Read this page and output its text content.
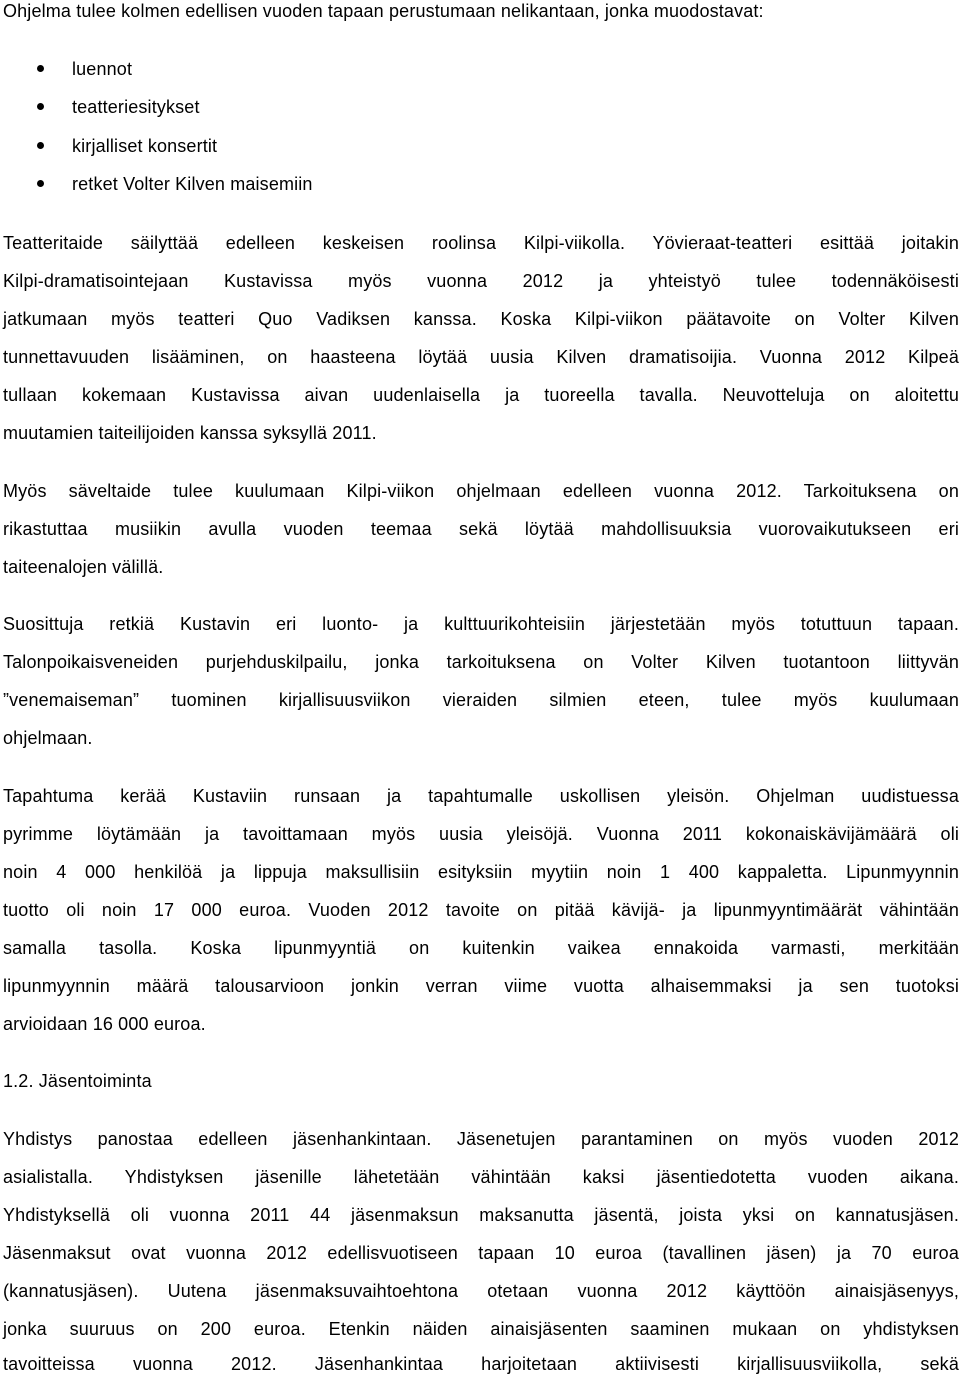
Ohjelma tulee kolmen edellisen vuoden tapaan perustumaan nelikantaan, jonka muodostavat:
luennot
teatteriesitykset
kirjalliset konsertit
retket Volter Kilven maisemiin
Teatteritaide säilyttää edelleen keskeisen roolinsa Kilpi-viikolla. Yövieraat-teatteri esittää joitakin
Kilpi-dramatisointejaan Kustavissa myös vuonna 2012 ja yhteistyö tulee todennäköisesti
jatkumaan myös teatteri Quo Vadiksen kanssa. Koska Kilpi-viikon päätavoite on Volter Kilven
tunnettavuuden lisääminen, on haasteena löytää uusia Kilven dramatisoijia. Vuonna 2012 Kilpeä
tullaan kokemaan Kustavissa aivan uudenlaisella ja tuoreella tavalla. Neuvotteluja on aloitettu
muutamien taiteilijoiden kanssa syksyllä 2011.
Myös säveltaide tulee kuulumaan Kilpi-viikon ohjelmaan edelleen vuonna 2012. Tarkoituksena on
rikastuttaa musiikin avulla vuoden teemaa sekä löytää mahdollisuuksia vuorovaikutukseen eri
taiteenalojen välillä.
Suosittuja retkiä Kustavin eri luonto- ja kulttuurikohteisiin järjestetään myös totuttuun tapaan.
Talonpoikaisveneiden purjehduskilpailu, jonka tarkoituksena on Volter Kilven tuotantoon liittyvän
”venemaiseman” tuominen kirjallisuusviikon vieraiden silmien eteen, tulee myös kuulumaan
ohjelmaan.
Tapahtuma kerää Kustaviin runsaan ja tapahtumalle uskollisen yleisön. Ohjelman uudistuessa
pyrimme löytämään ja tavoittamaan myös uusia yleisöjä. Vuonna 2011 kokonaiskävijämäärä oli
noin 4 000 henkilöä ja lippuja maksullisiin esityksiin myytiin noin 1 400 kappaletta. Lipunmyynnin
tuotto oli noin 17 000 euroa. Vuoden 2012 tavoite on pitää kävijä- ja lipunmyyntimäärät vähintään
samalla tasolla. Koska lipunmyyntiä on kuitenkin vaikea ennakoida varmasti, merkitään
lipunmyynnin määrä talousarvioon jonkin verran viime vuotta alhaisemmaksi ja sen tuotoksi
arvioidaan 16 000 euroa.
1.2. Jäsentoiminta
Yhdistys panostaa edelleen jäsenhankintaan. Jäsenetujen parantaminen on myös vuoden 2012
asialistalla. Yhdistyksen jäsenille lähetetään vähintään kaksi jäsentiedotetta vuoden aikana.
Yhdistyksellä oli vuonna 2011 44 jäsenmaksun maksanutta jäsentä, joista yksi on kannatusjäsen.
Jäsenmaksut ovat vuonna 2012 edellisvuotiseen tapaan 10 euroa (tavallinen jäsen) ja 70 euroa
(kannatusjäsen). Uutena jäsenmaksuvaihtoehtona otetaan vuonna 2012 käyttöön ainaisjäsenyys,
jonka suuruus on 200 euroa. Etenkin näiden ainaisjäsenten saaminen mukaan on yhdistyksen
tavoitteissa vuonna 2012. Jäsenhankintaa harjoitetaan aktiivisesti kirjallisuusviikolla, sekä
